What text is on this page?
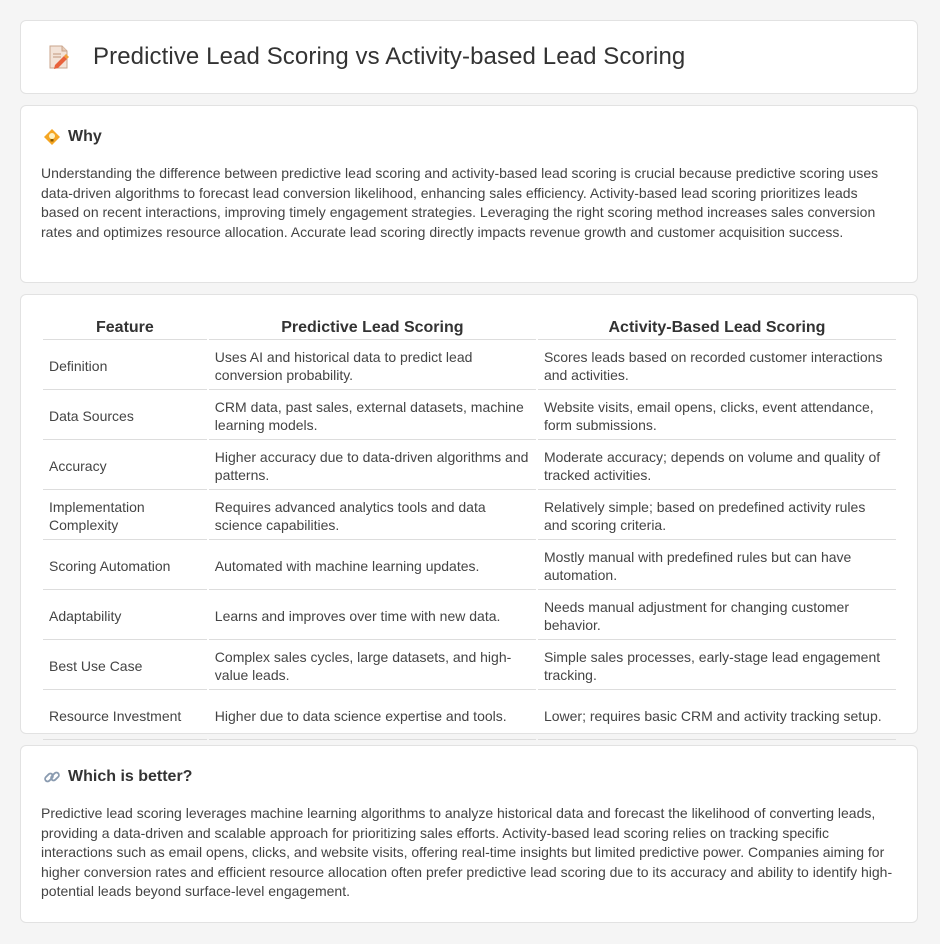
Predictive Lead Scoring vs Activity-based Lead Scoring
Why

Understanding the difference between predictive lead scoring and activity-based lead scoring is crucial because predictive scoring uses data-driven algorithms to forecast lead conversion likelihood, enhancing sales efficiency. Activity-based lead scoring prioritizes leads based on recent interactions, improving timely engagement strategies. Leveraging the right scoring method increases sales conversion rates and optimizes resource allocation. Accurate lead scoring directly impacts revenue growth and customer acquisition success.

Feature	Predictive Lead Scoring	Activity-Based Lead Scoring
Definition	Uses AI and historical data to predict lead conversion probability.	Scores leads based on recorded customer interactions and activities.
Data Sources	CRM data, past sales, external datasets, machine learning models.	Website visits, email opens, clicks, event attendance, form submissions.
Accuracy	Higher accuracy due to data-driven algorithms and patterns.	Moderate accuracy; depends on volume and quality of tracked activities.
Implementation Complexity	Requires advanced analytics tools and data science capabilities.	Relatively simple; based on predefined activity rules and scoring criteria.
Scoring Automation	Automated with machine learning updates.	Mostly manual with predefined rules but can have automation.
Adaptability	Learns and improves over time with new data.	Needs manual adjustment for changing customer behavior.
Best Use Case	Complex sales cycles, large datasets, and high-value leads.	Simple sales processes, early-stage lead engagement tracking.
Resource Investment	Higher due to data science expertise and tools.	Lower; requires basic CRM and activity tracking setup.
Which is better?

Predictive lead scoring leverages machine learning algorithms to analyze historical data and forecast the likelihood of converting leads, providing a data-driven and scalable approach for prioritizing sales efforts. Activity-based lead scoring relies on tracking specific interactions such as email opens, clicks, and website visits, offering real-time insights but limited predictive power. Companies aiming for higher conversion rates and efficient resource allocation often prefer predictive lead scoring due to its accuracy and ability to identify high-potential leads beyond surface-level engagement.
